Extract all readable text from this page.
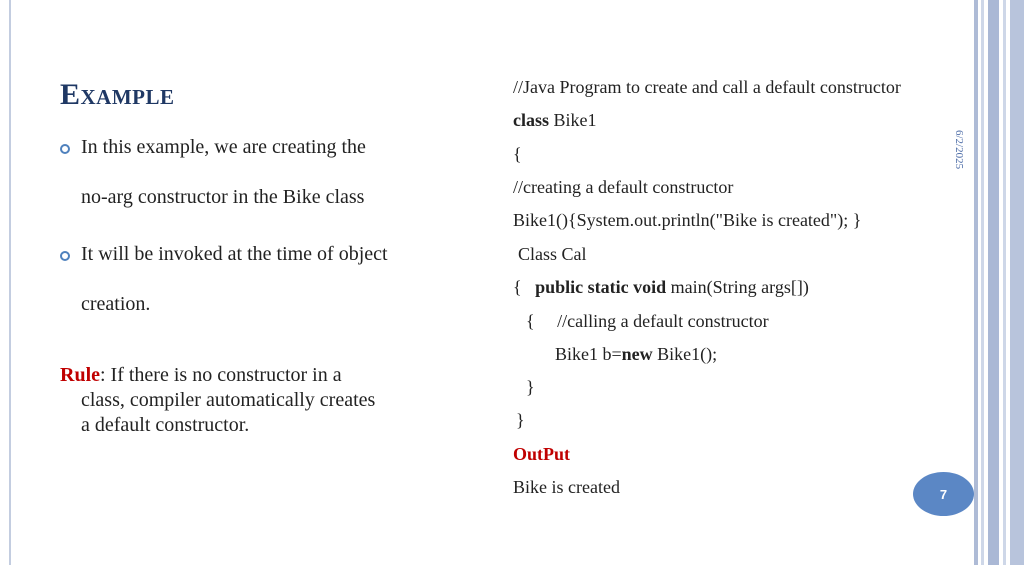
Example
In this example, we are creating the
no-arg constructor in the Bike class
It will be invoked at the time of object
creation.
Rule: If there is no constructor in a
class, compiler automatically creates
a default constructor.
//Java Program to create and call a default constructor
class Bike1
{
//creating a default constructor
Bike1(){System.out.println("Bike is created"); }
Class Cal
{ public static void main(String args[])
{ //calling a default constructor
Bike1 b=new Bike1();
}
}
OutPut
Bike is created
6/2/2025
7
